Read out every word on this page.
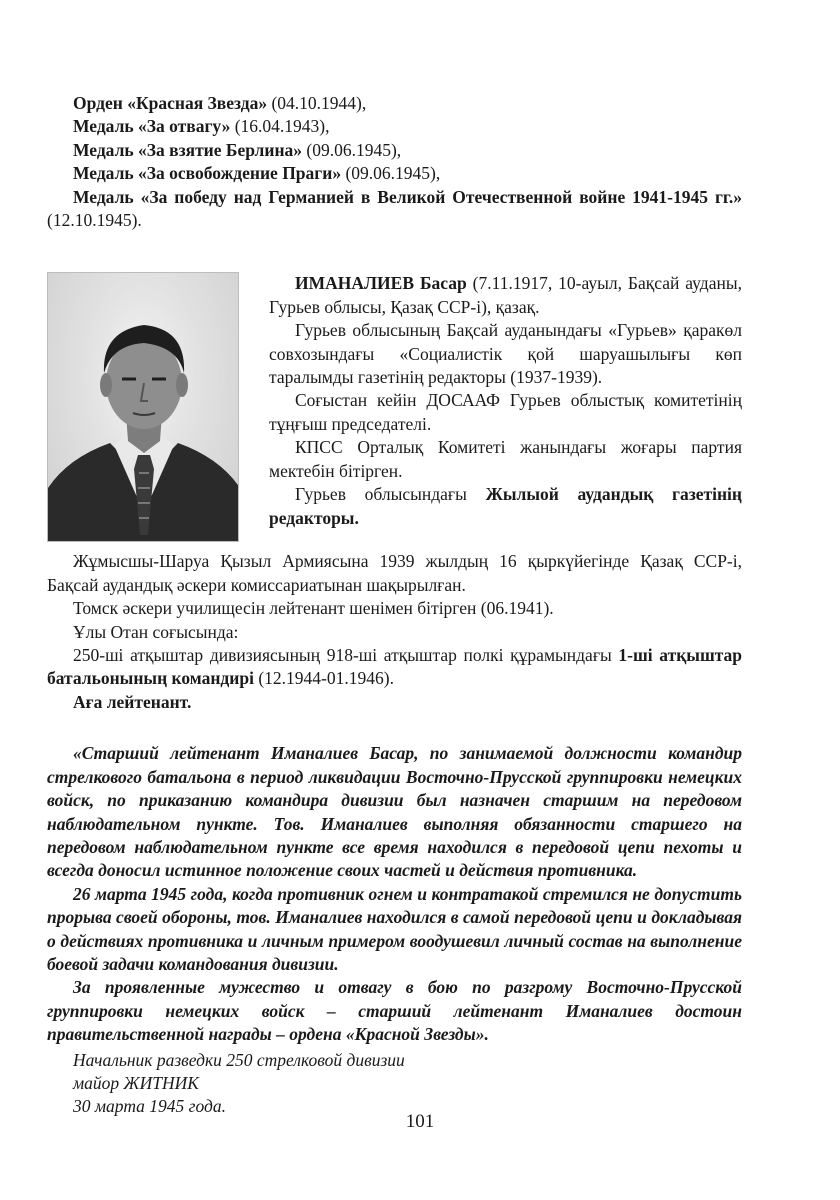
Орден «Красная Звезда» (04.10.1944),

Медаль «За отвагу» (16.04.1943),

Медаль «За взятие Берлина» (09.06.1945),

Медаль «За освобождение Праги» (09.06.1945),

Медаль «За победу над Германией в Великой Отечественной войне 1941-1945 гг.» (12.10.1945).

ИМАНАЛИЕВ Басар (7.11.1917, 10-ауыл, Бақсай ауданы, Гурьев облысы, Қазақ ССР-і), қазақ.

Гурьев облысының Бақсай ауданындағы «Гурьев» қаракөл совхозындағы «Социалистік қой шаруашылығы көп таралымды газетінің редакторы (1937-1939).

Соғыстан кейін ДОСААФ Гурьев облыстық комитетінің тұңғыш председателі.

КПСС Орталық Комитеті жанындағы жоғары партия мектебін бітірген.

Гурьев облысындағы Жылыой аудандық газетінің редакторы.

Жұмысшы-Шаруа Қызыл Армиясына 1939 жылдың 16 қыркүйегінде Қазақ ССР-і, Бақсай аудандық әскери комиссариатынан шақырылған.

Томск әскери училищесін лейтенант шенімен бітірген (06.1941).

Ұлы Отан соғысында:

250-ші атқыштар дивизиясының 918-ші атқыштар полкі құрамындағы 1-ші атқыштар батальонының командирі (12.1944-01.1946).

Аға лейтенант.

«Старший лейтенант Иманалиев Басар, по занимаемой должности командир стрелкового батальона в период ликвидации Восточно-Прусской группировки немецких войск, по приказанию командира дивизии был назначен старшим на передовом наблюдательном пункте. Тов. Иманалиев выполняя обязанности старшего на передовом наблюдательном пункте все время находился в передовой цепи пехоты и всегда доносил истинное положение своих частей и действия противника.

26 марта 1945 года, когда противник огнем и контратакой стремился не допустить прорыва своей обороны, тов. Иманалиев находился в самой передовой цепи и докладывая о действиях противника и личным примером воодушевил личный состав на выполнение боевой задачи командования дивизии.

За проявленные мужество и отвагу в бою по разгрому Восточно-Прусской группировки немецких войск – старший лейтенант Иманалиев достоин правительственной награды – ордена «Красной Звезды».

Начальник разведки 250 стрелковой дивизии

майор ЖИТНИК

30 марта 1945 года.

101
